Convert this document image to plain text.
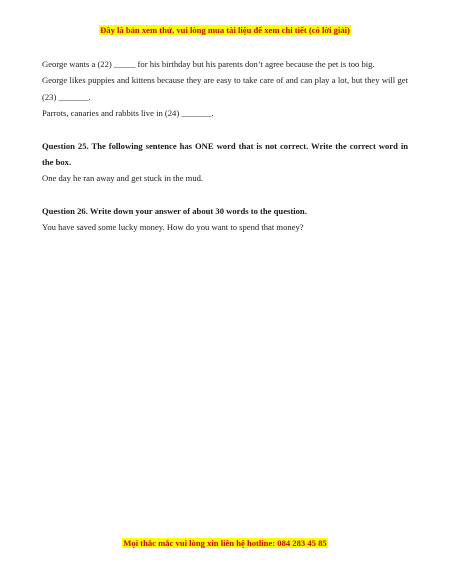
Đây là bản xem thử, vui lòng mua tài liệu để xem chi tiết (có lời giải)

George wants a (22) _____ for his birthday but his parents don’t agree because the pet is too big.

George likes puppies and kittens because they are easy to take care of and can play a lot, but they will get (23) _______.

Parrots, canaries and rabbits live in (24) _______.

Question 25. The following sentence has ONE word that is not correct. Write the correct word in the box.

One day he ran away and get stuck in the mud.

Question 26. Write down your answer of about 30 words to the question.

You have saved some lucky money. How do you want to spend that money?

Mọi thắc mắc vui lòng xin liên hệ hotline: 084 283 45 85
